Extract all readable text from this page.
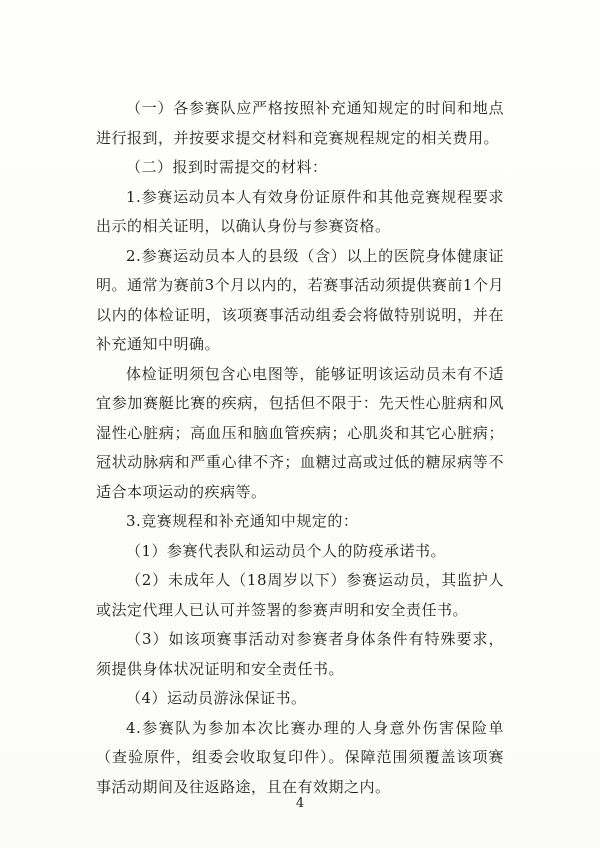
（一）各参赛队应严格按照补充通知规定的时间和地点进行报到，并按要求提交材料和竞赛规程规定的相关费用。

（二）报到时需提交的材料：

1.参赛运动员本人有效身份证原件和其他竞赛规程要求出示的相关证明，以确认身份与参赛资格。

2.参赛运动员本人的县级（含）以上的医院身体健康证明。通常为赛前3个月以内的，若赛事活动须提供赛前1个月以内的体检证明，该项赛事活动组委会将做特别说明，并在补充通知中明确。

体检证明须包含心电图等，能够证明该运动员未有不适宜参加赛艇比赛的疾病，包括但不限于：先天性心脏病和风湿性心脏病；高血压和脑血管疾病；心肌炎和其它心脏病；冠状动脉病和严重心律不齐；血糖过高或过低的糖尿病等不适合本项运动的疾病等。

3.竞赛规程和补充通知中规定的：

（1）参赛代表队和运动员个人的防疫承诺书。

（2）未成年人（18周岁以下）参赛运动员，其监护人或法定代理人已认可并签署的参赛声明和安全责任书。

（3）如该项赛事活动对参赛者身体条件有特殊要求，须提供身体状况证明和安全责任书。

（4）运动员游泳保证书。

4.参赛队为参加本次比赛办理的人身意外伤害保险单（查验原件，组委会收取复印件）。保障范围须覆盖该项赛事活动期间及往返路途，且在有效期之内。

4
